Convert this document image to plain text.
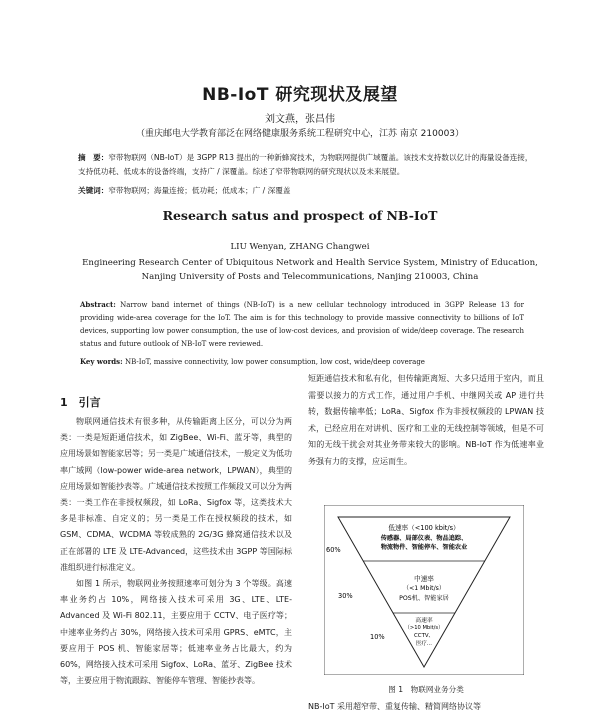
NB-IoT 研究现状及展望
刘文燕，张昌伟
（重庆邮电大学教育部泛在网络健康服务系统工程研究中心，江苏 南京 210003）
摘　要：窄带物联网（NB-IoT）是 3GPP R13 提出的一种新蜂窝技术，为物联网提供广域覆盖。该技术支持数以亿计的海量设备连接，支持低功耗、低成本的设备终端，支持广 / 深覆盖。综述了窄带物联网的研究现状以及未来展望。
关键词：窄带物联网；海量连接；低功耗；低成本；广 / 深覆盖
Research satus and prospect of NB-IoT
LIU Wenyan, ZHANG Changwei
Engineering Research Center of Ubiquitous Network and Health Service System, Ministry of Education, Nanjing University of Posts and Telecommunications, Nanjing 210003, China
Abstract: Narrow band internet of things (NB-IoT) is a new cellular technology introduced in 3GPP Release 13 for providing wide-area coverage for the IoT. The aim is for this technology to provide massive connectivity to billions of IoT devices, supporting low power consumption, the use of low-cost devices, and provision of wide/deep coverage. The research status and future outlook of NB-IoT were reviewed.
Key words: NB-IoT, massive connectivity, low power consumption, low cost, wide/deep coverage
1　引言

物联网通信技术有很多种，从传输距离上区分，可以分为两类：一类是短距通信技术，如 ZigBee、Wi-Fi、蓝牙等，典型的应用场景如智能家居等；另一类是广域通信技术，一般定义为低功率广域网（low-power wide-area network，LPWAN），典型的应用场景如智能抄表等。广域通信技术按照工作频段又可以分为两类：一类工作在非授权频段，如 LoRa、Sigfox 等，这类技术大多是非标准、自定义的；另一类是工作在授权频段的技术，如 GSM、CDMA、WCDMA 等较成熟的 2G/3G 蜂窝通信技术以及正在部署的 LTE 及 LTE-Advanced，这些技术由 3GPP 等国际标准组织进行标准定义。

如图 1 所示，物联网业务按照速率可划分为 3 个等级。高速率业务约占 10%，网络接入技术可采用 3G、LTE、LTE-Advanced 及 Wi-Fi 802.11，主要应用于 CCTV、电子医疗等；中速率业务约占 30%，网络接入技术可采用 GPRS、eMTC，主要应用于 POS 机、智能家居等；低速率业务占比最大，约为 60%，网络接入技术可采用 Sigfox、LoRa、蓝牙、ZigBee 技术等，主要应用于物流跟踪、智能停车管理、智能抄表等。

短距通信技术和私有化，但传输距离短、大多只适用于室内，而且需要以接力的方式工作，通过用户手机、中继网关或 AP 进行共转，数据传输率低；LoRa、Sigfox 作为非授权频段的 LPWAN 技术，已经应用在对讲机、医疗和工业的无线控制等领域，但是不可知的无线干扰会对其业务带来较大的影响。NB-IoT 作为低速率业务强有力的支撑，应运而生。

低速率（<100 kbit/s）
传感器、局部仪表、物品追踪、
物流物件、智能停车、智能农业
60%
中速率
（<1 Mbit/s）
POS机、智能家居
30%
高速率
（>10 Mbit/s）
CCTV、
医疗...
10%
图 1　物联网业务分类
NB-IoT 采用超窄带、重复传输、精简网络协议等
